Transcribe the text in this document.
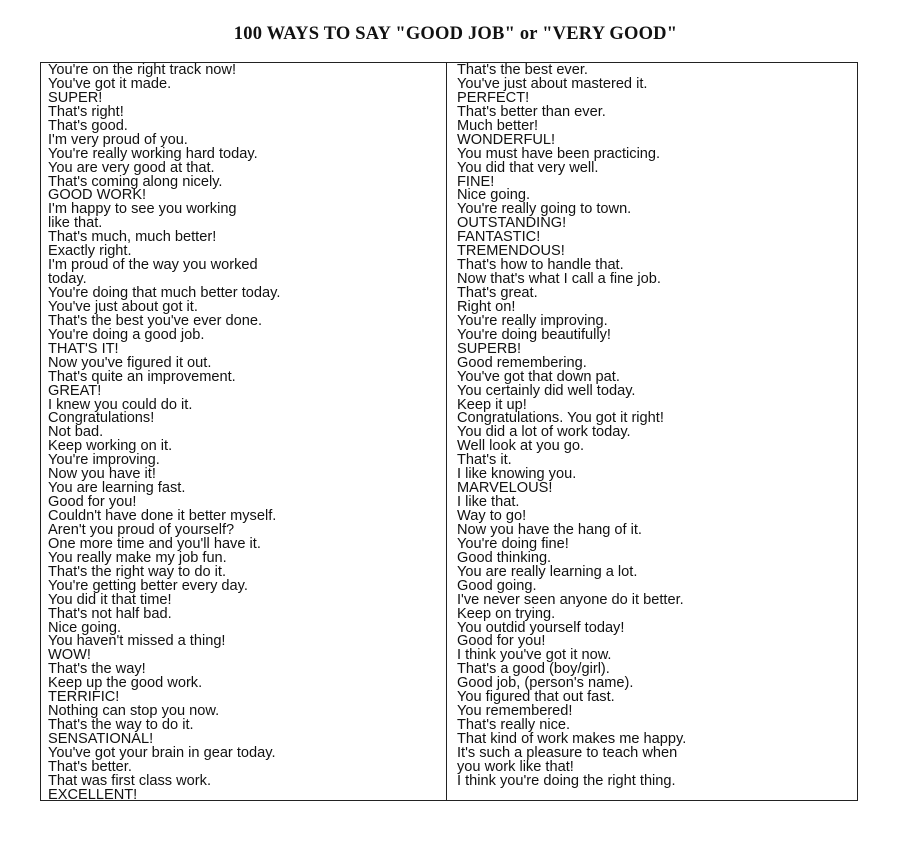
100 WAYS TO SAY "GOOD JOB" or "VERY GOOD"
You're on the right track now!
You've got it made.
SUPER!
That's right!
That's good.
I'm very proud of you.
You're really working hard today.
You are very good at that.
That's coming along nicely.
GOOD WORK!
I'm happy to see you working
like that.
That's much, much better!
Exactly right.
I'm proud of the way you worked
today.
You're doing that much better today.
You've just about got it.
That's the best you've ever done.
You're doing a good job.
THAT'S IT!
Now you've figured it out.
That's quite an improvement.
GREAT!
I knew you could do it.
Congratulations!
Not bad.
Keep working on it.
You're improving.
Now you have it!
You are learning fast.
Good for you!
Couldn't have done it better myself.
Aren't you proud of yourself?
One more time and you'll have it.
You really make my job fun.
That's the right way to do it.
You're getting better every day.
You did it that time!
That's not half bad.
Nice going.
You haven't missed a thing!
WOW!
That's the way!
Keep up the good work.
TERRIFIC!
Nothing can stop you now.
That's the way to do it.
SENSATIONAL!
You've got your brain in gear today.
That's better.
That was first class work.
EXCELLENT!
That's the best ever.
You've just about mastered it.
PERFECT!
That's better than ever.
Much better!
WONDERFUL!
You must have been practicing.
You did that very well.
FINE!
Nice going.
You're really going to town.
OUTSTANDING!
FANTASTIC!
TREMENDOUS!
That's how to handle that.
Now that's what I call a fine job.
That's great.
Right on!
You're really improving.
You're doing beautifully!
SUPERB!
Good remembering.
You've got that down pat.
You certainly did well today.
Keep it up!
Congratulations. You got it right!
You did a lot of work today.
Well look at you go.
That's it.
I like knowing you.
MARVELOUS!
I like that.
Way to go!
Now you have the hang of it.
You're doing fine!
Good thinking.
You are really learning a lot.
Good going.
I've never seen anyone do it better.
Keep on trying.
You outdid yourself today!
Good for you!
I think you've got it now.
That's a good (boy/girl).
Good job, (person's name).
You figured that out fast.
You remembered!
That's really nice.
That kind of work makes me happy.
It's such a pleasure to teach when
you work like that!
I think you're doing the right thing.
